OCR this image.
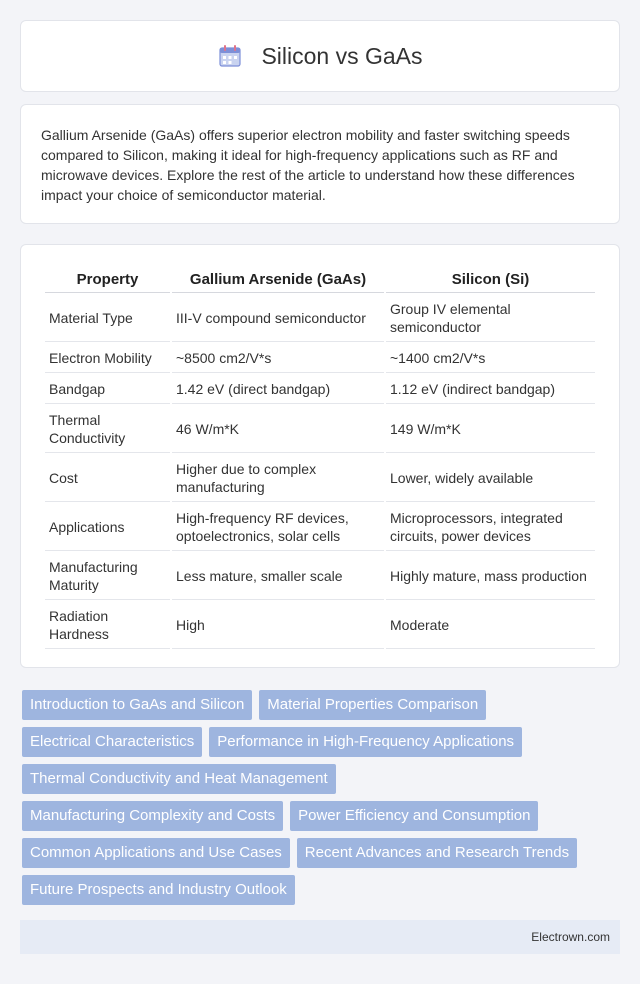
Silicon vs GaAs

Gallium Arsenide (GaAs) offers superior electron mobility and faster switching speeds compared to Silicon, making it ideal for high-frequency applications such as RF and microwave devices. Explore the rest of the article to understand how these differences impact your choice of semiconductor material.

Property	Gallium Arsenide (GaAs)	Silicon (Si)
Material Type	III-V compound semiconductor	Group IV elemental semiconductor
Electron Mobility	~8500 cm2/V*s	~1400 cm2/V*s
Bandgap	1.42 eV (direct bandgap)	1.12 eV (indirect bandgap)
Thermal Conductivity	46 W/m*K	149 W/m*K
Cost	Higher due to complex manufacturing	Lower, widely available
Applications	High-frequency RF devices, optoelectronics, solar cells	Microprocessors, integrated circuits, power devices
Manufacturing Maturity	Less mature, smaller scale	Highly mature, mass production
Radiation Hardness	High	Moderate
Introduction to GaAs and Silicon	Material Properties Comparison
Electrical Characteristics	Performance in High-Frequency Applications
Thermal Conductivity and Heat Management
Manufacturing Complexity and Costs	Power Efficiency and Consumption
Common Applications and Use Cases	Recent Advances and Research Trends
Future Prospects and Industry Outlook
Electrown.com
